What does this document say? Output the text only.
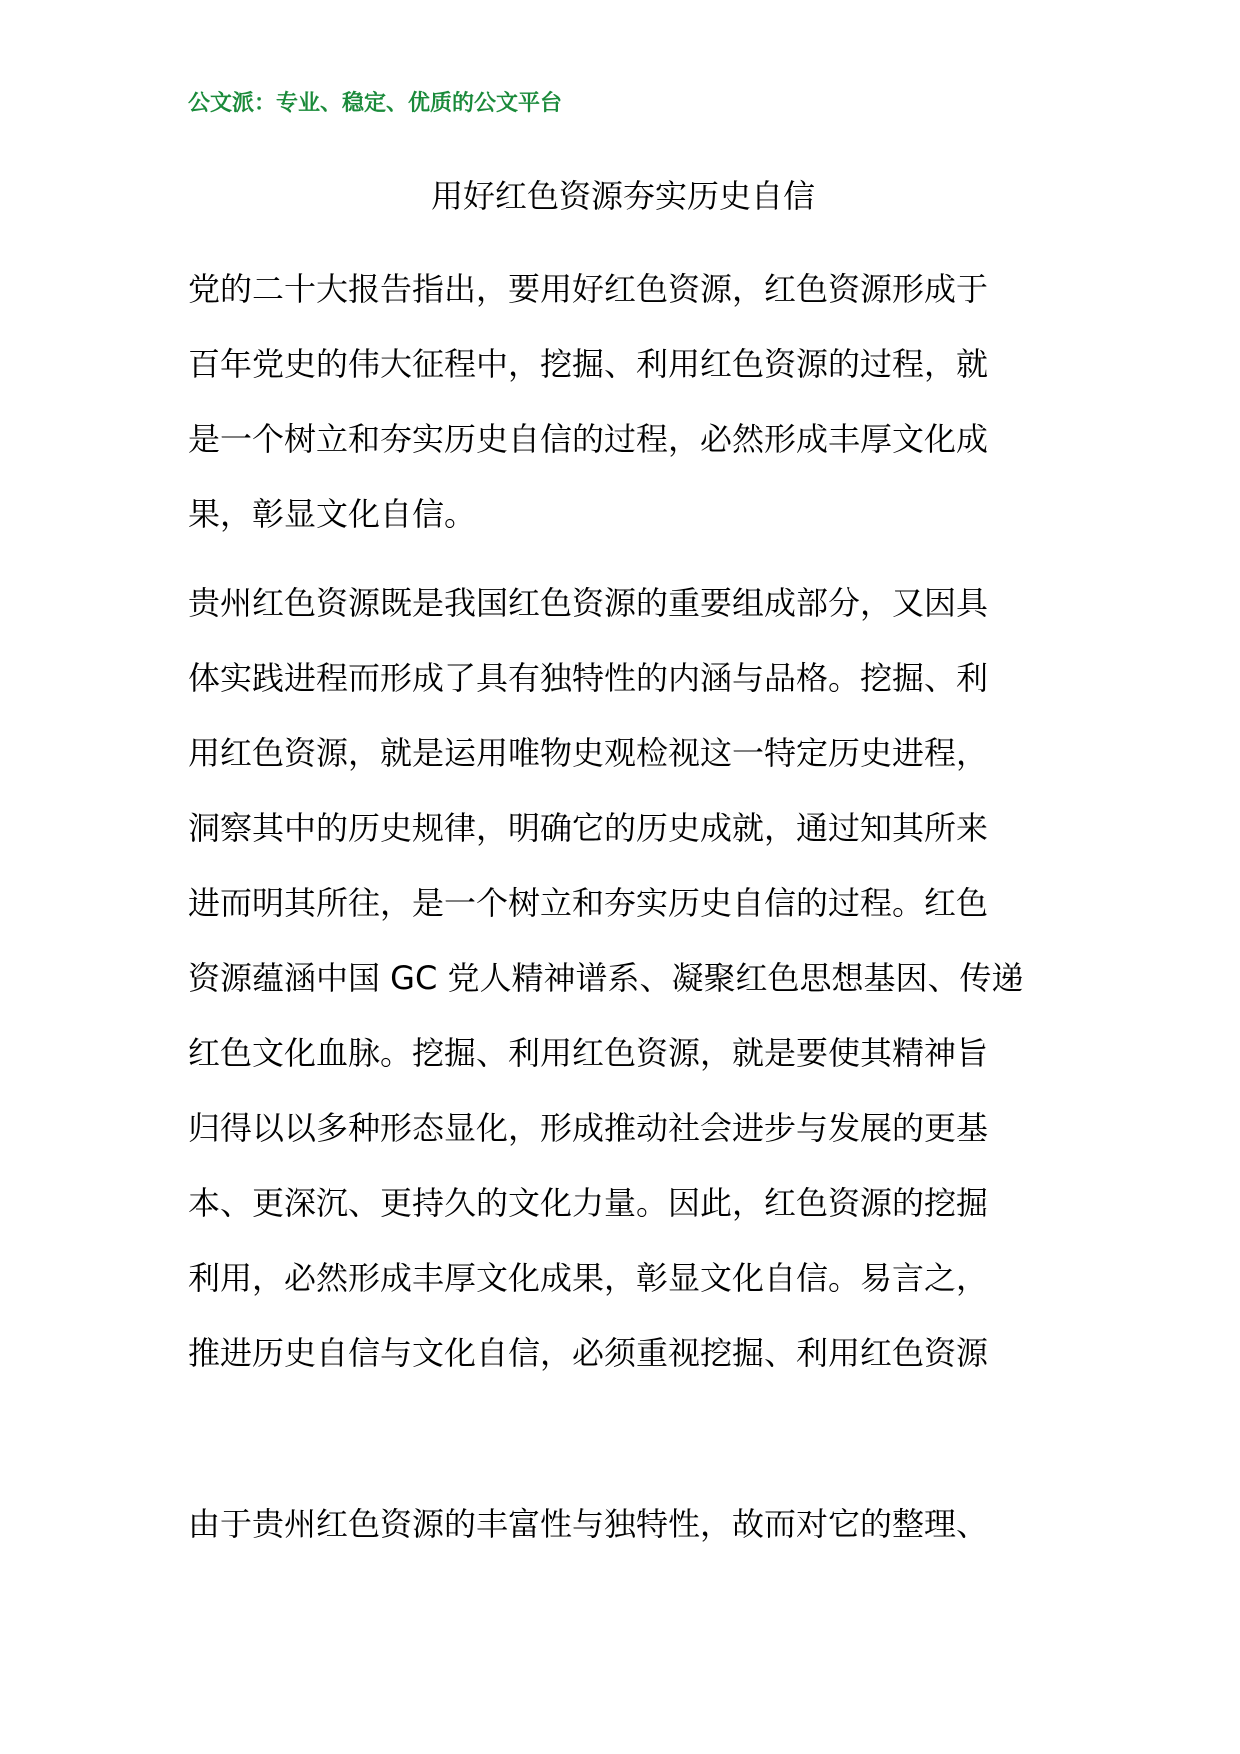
公文派：专业、稳定、优质的公文平台
用好红色资源夯实历史自信
党的二十大报告指出，要用好红色资源，红色资源形成于
百年党史的伟大征程中，挖掘、利用红色资源的过程，就
是一个树立和夯实历史自信的过程，必然形成丰厚文化成
果，彰显文化自信。
贵州红色资源既是我国红色资源的重要组成部分，又因具
体实践进程而形成了具有独特性的内涵与品格。挖掘、利
用红色资源，就是运用唯物史观检视这一特定历史进程，
洞察其中的历史规律，明确它的历史成就，通过知其所来
进而明其所往，是一个树立和夯实历史自信的过程。红色
资源蕴涵中国 GC 党人精神谱系、凝聚红色思想基因、传递
红色文化血脉。挖掘、利用红色资源，就是要使其精神旨
归得以以多种形态显化，形成推动社会进步与发展的更基
本、更深沉、更持久的文化力量。因此，红色资源的挖掘
利用，必然形成丰厚文化成果，彰显文化自信。易言之，
推进历史自信与文化自信，必须重视挖掘、利用红色资源
由于贵州红色资源的丰富性与独特性，故而对它的整理、
